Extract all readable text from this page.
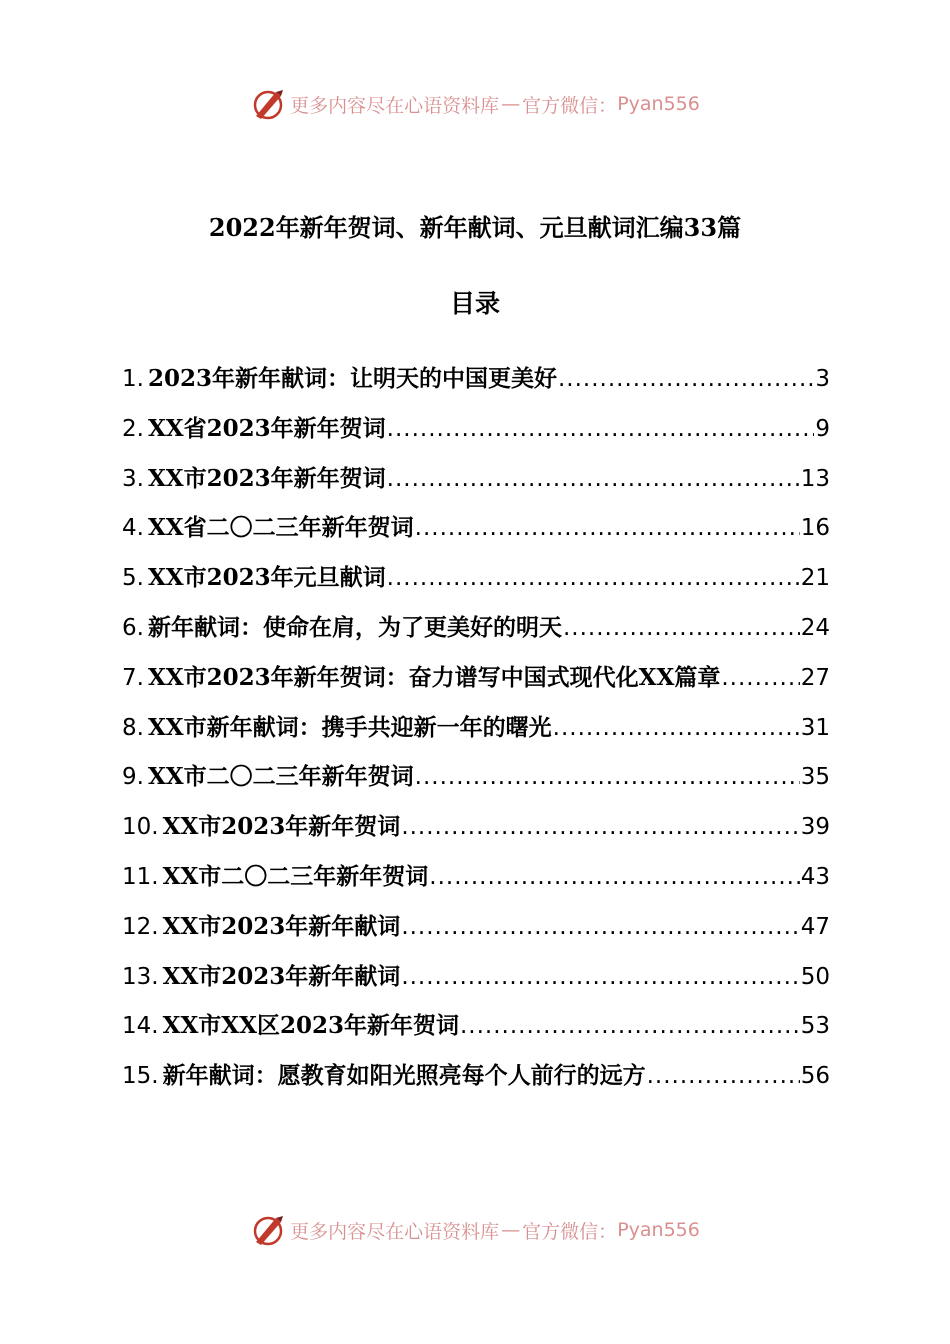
更多内容尽在心语资料库 — 官方微信： Pyan556
2022年新年贺词、新年献词、元旦献词汇编33篇
目录
1 . 2023年新年献词：让明天的中国更美好 .....	3
2 . XX省2023年新年贺词 .....	9
3 . XX市2023年新年贺词 .....	13
4 . XX省二〇二三年新年贺词 .....	16
5 . XX市2023年元旦献词 .....	21
6 . 新年献词：使命在肩，为了更美好的明天 .....	24
7 . XX市2023年新年贺词：奋力谱写中国式现代化XX篇章 .....	27
8 . XX市新年献词：携手共迎新一年的曙光 .....	31
9 . XX市二〇二三年新年贺词 .....	35
10 . XX市2023年新年贺词 .....	39
11 . XX市二〇二三年新年贺词 .....	43
12 . XX市2023年新年献词 .....	47
13 . XX市2023年新年献词 .....	50
14 . XX市XX区2023年新年贺词 .....	53
15 . 新年献词：愿教育如阳光照亮每个人前行的远方 .....	56
更多内容尽在心语资料库 — 官方微信： Pyan556
